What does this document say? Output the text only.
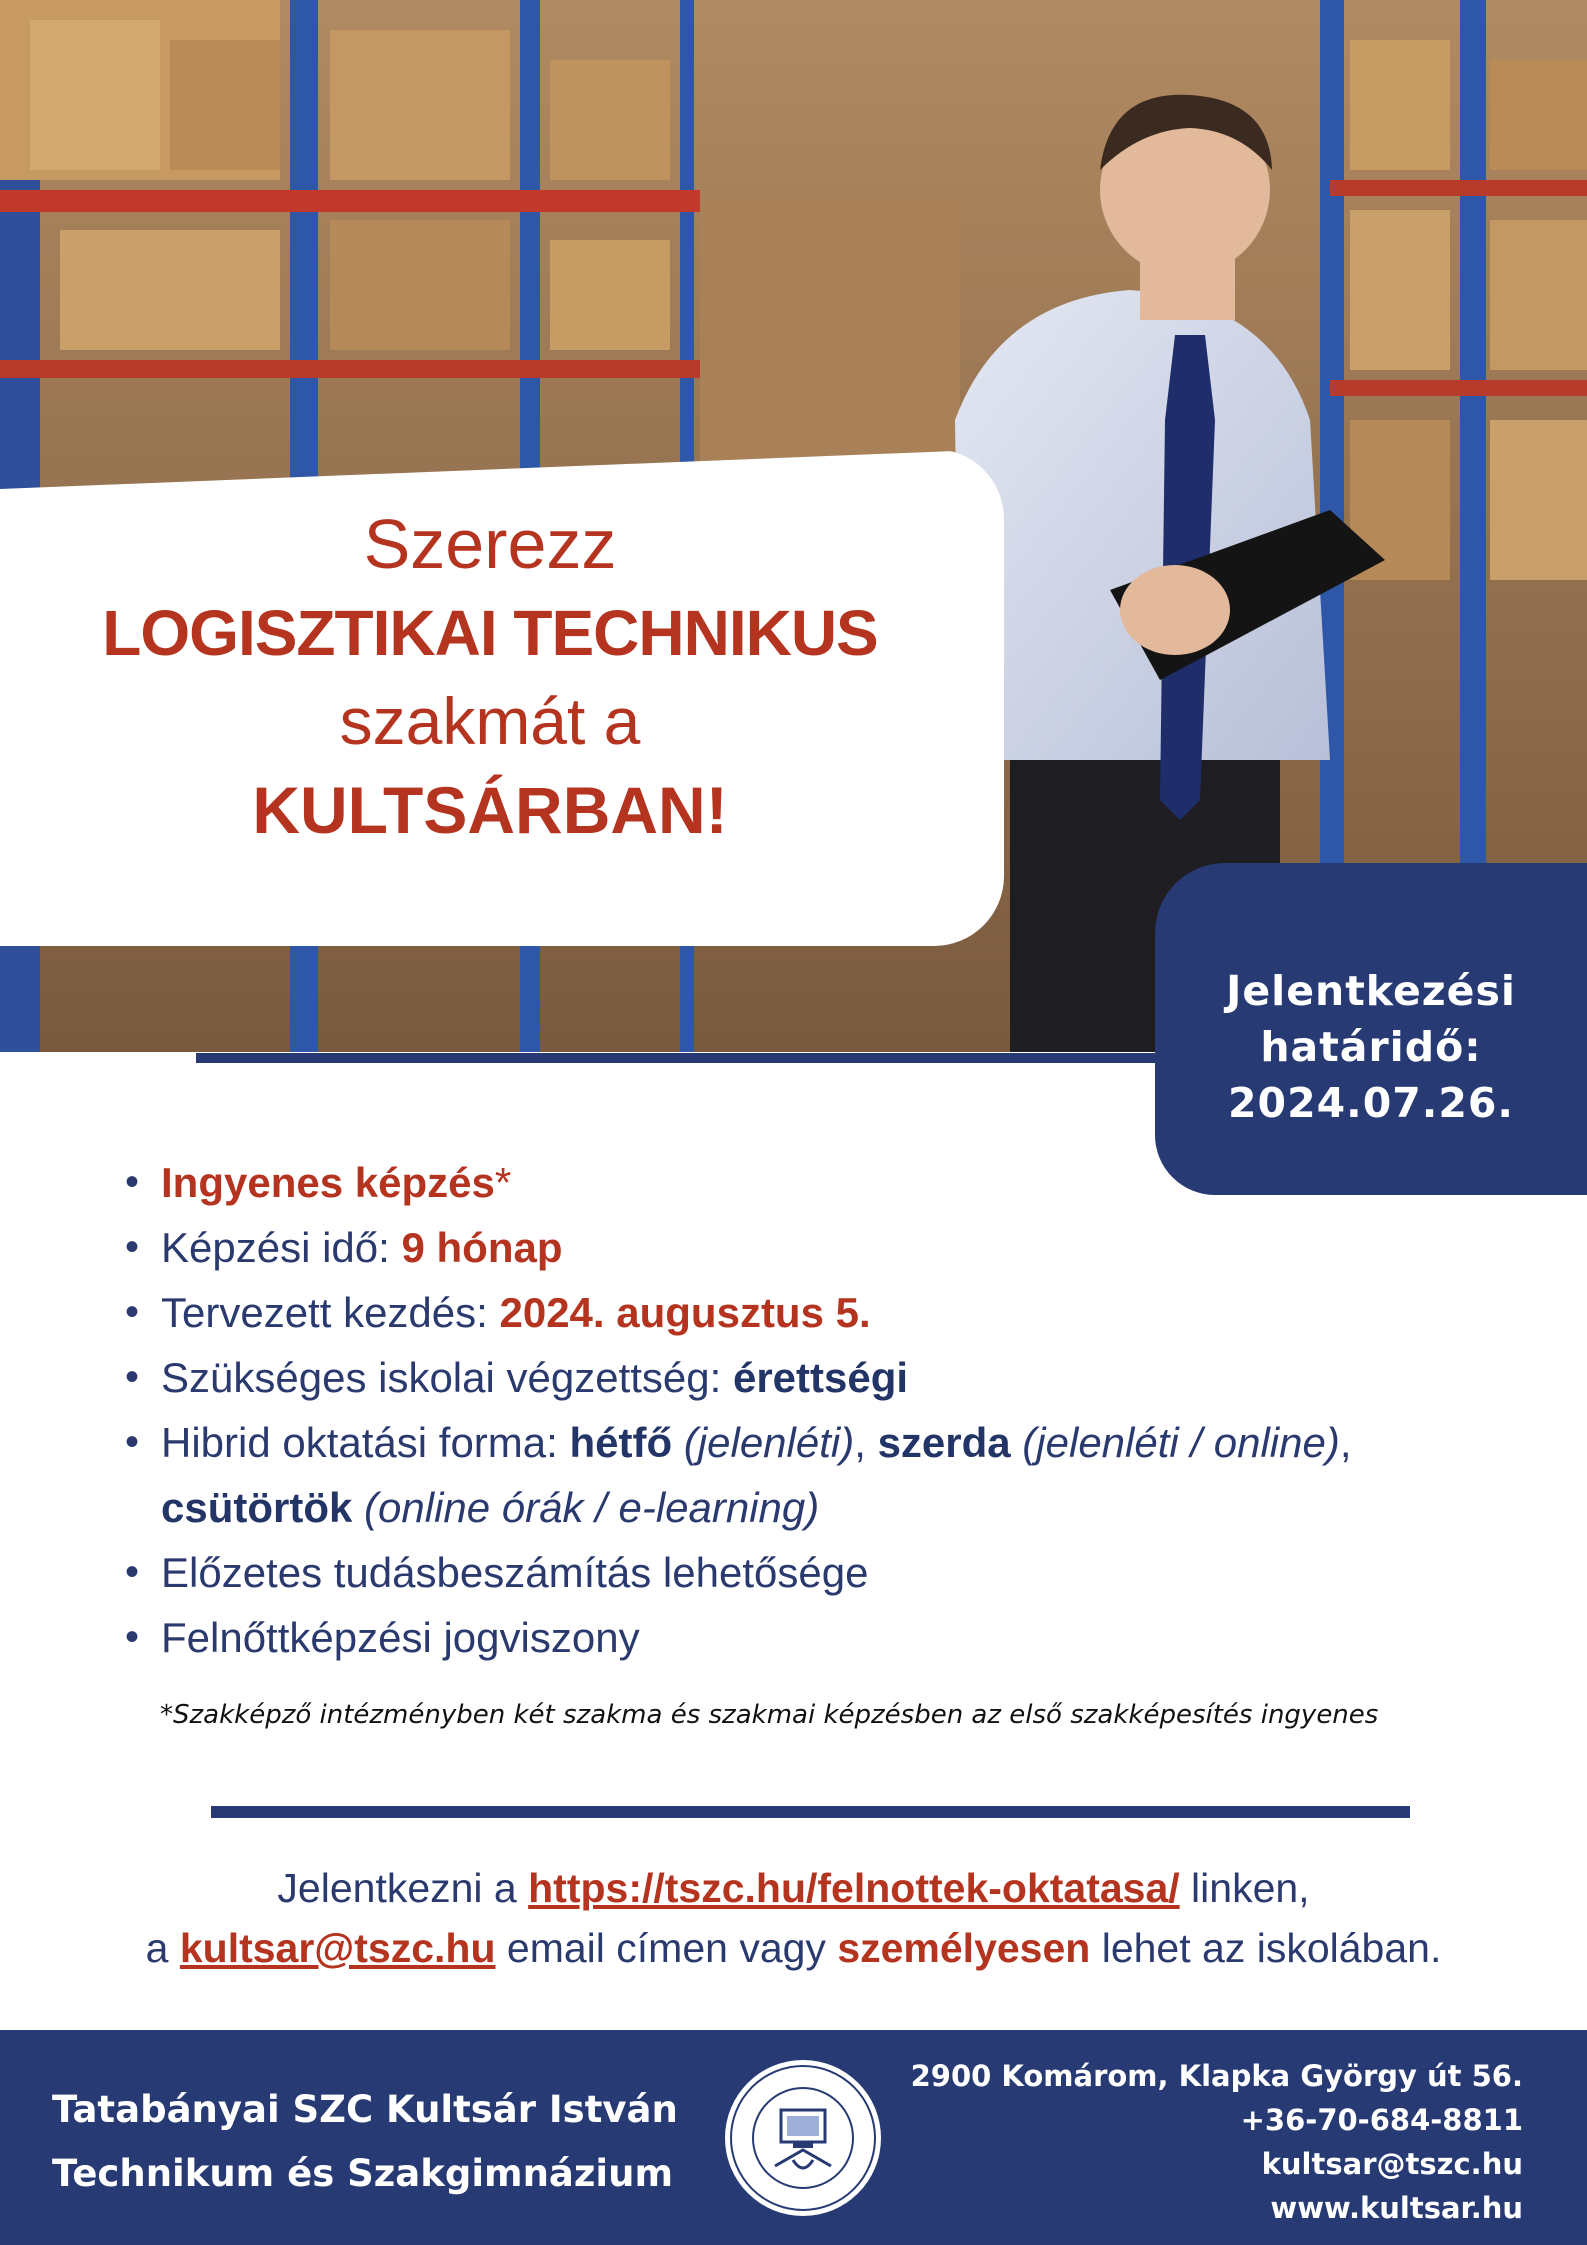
Szerezz
LOGISZTIKAI TECHNIKUS
szakmát a
KULTSÁRBAN!
Jelentkezési
határidő:
2024.07.26.
• Ingyenes képzés*
• Képzési idő: 9 hónap
• Tervezett kezdés: 2024. augusztus 5.
• Szükséges iskolai végzettség: érettségi
• Hibrid oktatási forma: hétfő (jelenléti), szerda (jelenléti / online),
csütörtök (online órák / e-learning)
• Előzetes tudásbeszámítás lehetősége
• Felnőttképzési jogviszony
*Szakképző intézményben két szakma és szakmai képzésben az első szakképesítés ingyenes
Jelentkezni a https://tszc.hu/felnottek-oktatasa/ linken,
a kultsar@tszc.hu email címen vagy személyesen lehet az iskolában.
Tatabányai SZC Kultsár István
Technikum és Szakgimnázium
2900 Komárom, Klapka György út 56.
+36-70-684-8811
kultsar@tszc.hu
www.kultsar.hu
